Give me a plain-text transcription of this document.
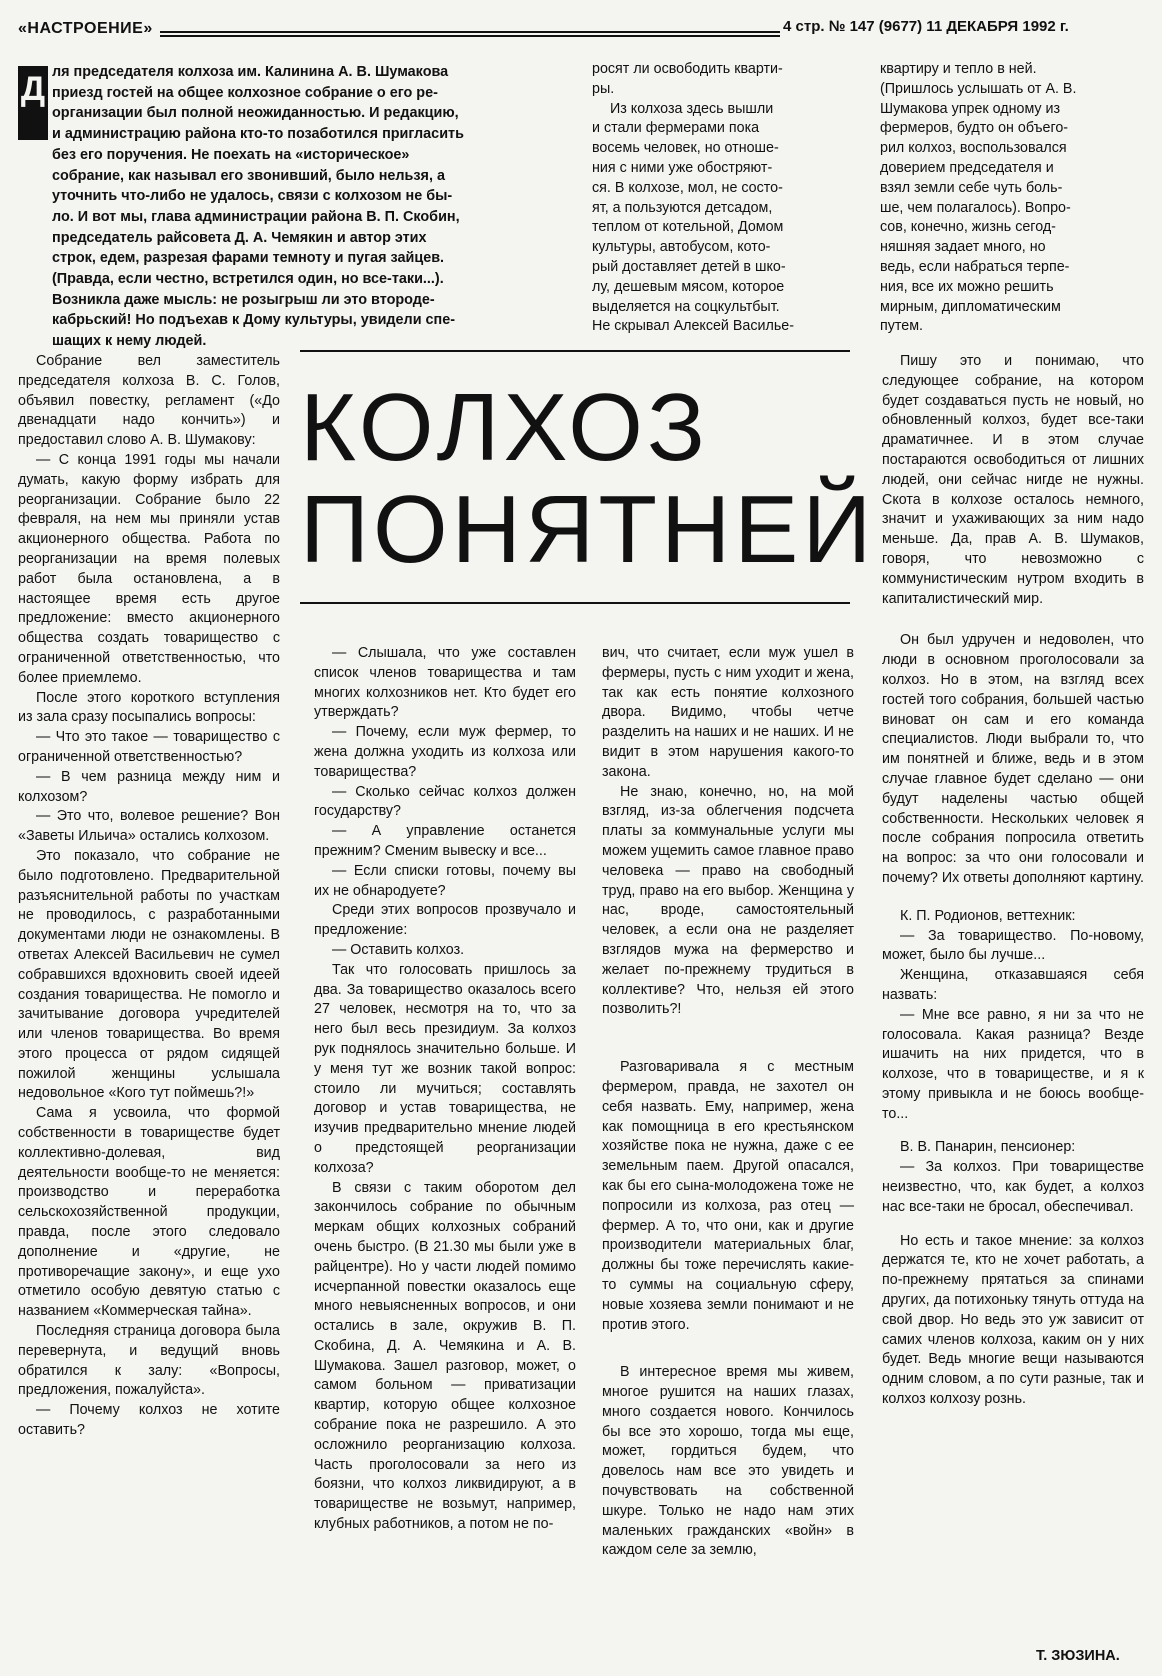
«НАСТРОЕНИЕ»	4 стр. № 147 (9677) 11 ДЕКАБРЯ 1992 г.
Д ля председателя колхоза им. Калинина А. В. Шумакова
приезд гостей на общее колхозное собрание о его ре-
организации был полной неожиданностью. И редакцию,
и администрацию района кто-то позаботился пригласить
без его поручения. Не поехать на «историческое»
собрание, как называл его звонивший, было нельзя, а
уточнить что-либо не удалось, связи с колхозом не бы-
ло. И вот мы, глава администрации района В. П. Скобин,
председатель райсовета Д. А. Чемякин и автор этих
строк, едем, разрезая фарами темноту и пугая зайцев.
(Правда, если честно, встретился один, но все-таки...).
Возникла даже мысль: не розыгрыш ли это второде-
кабрьский! Но подъехав к Дому культуры, увидели спе-
шащих к нему людей.
росят ли освободить кварти-
ры.
Из колхоза здесь вышли
и стали фермерами пока
восемь человек, но отноше-
ния с ними уже обостряют-
ся. В колхозе, мол, не состо-
ят, а пользуются детсадом,
теплом от котельной, Домом
культуры, автобусом, кото-
рый доставляет детей в шко-
лу, дешевым мясом, которое
выделяется на соцкультбыт.
Не скрывал Алексей Василье-
квартиру и тепло в ней.
(Пришлось услышать от А. В.
Шумакова упрек одному из
фермеров, будто он объего-
рил колхоз, воспользовался
доверием председателя и
взял земли себе чуть боль-
ше, чем полагалось). Вопро-
сов, конечно, жизнь сегод-
няшняя задает много, но
ведь, если набраться терпе-
ния, все их можно решить
мирным, дипломатическим
путем.
КОЛХОЗ
ПОНЯТНЕЙ

Собрание вел заместитель председателя колхоза В. С. Голов, объявил повестку, регламент («До двенадцати надо кончить») и предоставил слово А. В. Шумакову:

— С конца 1991 годы мы начали думать, какую форму избрать для реорганизации. Собрание было 22 февраля, на нем мы приняли устав акционерного общества. Работа по реорганизации на время полевых работ была остановлена, а в настоящее время есть другое предложение: вместо акционерного общества создать товарищество с ограниченной ответственностью, что более приемлемо.

После этого короткого вступления из зала сразу посыпались вопросы:

— Что это такое — товарищество с ограниченной ответственностью?

— В чем разница между ним и колхозом?

— Это что, волевое решение? Вон «Заветы Ильича» остались колхозом.

Это показало, что собрание не было подготовлено. Предварительной разъяснительной работы по участкам не проводилось, с разработанными документами люди не ознакомлены. В ответах Алексей Васильевич не сумел собравшихся вдохновить своей идеей создания товарищества. Не помогло и зачитывание договора учредителей или членов товарищества. Во время этого процесса от рядом сидящей пожилой женщины услышала недовольное «Кого тут поймешь?!»

Сама я усвоила, что формой собственности в товариществе будет коллективно-долевая, вид деятельности вообще-то не меняется: производство и переработка сельскохозяйственной продукции, правда, после этого следовало дополнение и «другие, не противоречащие закону», и еще уxo отметило особую девятую статью с названием «Коммерческая тайна».

Последняя страница договора была перевернута, и ведущий вновь обратился к залу: «Вопросы, предложения, пожалуйста».

— Почему колхоз не хотите оставить?

— Слышала, что уже составлен список членов товарищества и там многих колхозников нет. Кто будет его утверждать?

— Почему, если муж фермер, то жена должна уходить из колхоза или товарищества?

— Сколько сейчас колхоз должен государству?

— А управление останется прежним? Сменим вывеску и все...

— Если списки готовы, почему вы их не обнародуете?

Среди этих вопросов прозвучало и предложение:

— Оставить колхоз.

Так что голосовать пришлось за два. За товарищество оказалось всего 27 человек, несмотря на то, что за него был весь президиум. За колхоз рук поднялось значительно больше. И у меня тут же возник такой вопрос: стоило ли мучиться; составлять договор и устав товарищества, не изучив предварительно мнение людей о предстоящей реорганизации колхоза?

В связи с таким оборотом дел закончилось собрание по обычным меркам общих колхозных собраний очень быстро. (В 21.30 мы были уже в райцентре). Но у части людей помимо исчерпанной повестки оказалось еще много невыясненных вопросов, и они остались в зале, окружив В. П. Скобина, Д. А. Чемякина и А. В. Шумакова. Зашел разговор, может, о самом больном — приватизации квартир, которую общее колхозное собрание пока не разрешило. А это осложнило реорганизацию колхоза. Часть проголосовали за него из боязни, что колхоз ликвидируют, а в товариществе не возьмут, например, клубных работников, а потом не по-

вич, что считает, если муж ушел в фермеры, пусть с ним уходит и жена, так как есть понятие колхозного двора. Видимо, чтобы четче разделить на наших и не наших. И не видит в этом нарушения какого-то закона.

Не знаю, конечно, но, на мой взгляд, из-за облегчения подсчета платы за коммунальные услуги мы можем ущемить самое главное право человека — право на свободный труд, право на его выбор. Женщина у нас, вроде, самостоятельный человек, а если она не разделяет взглядов мужа на фермерство и желает по-прежнему трудиться в коллективе? Что, нельзя ей этого позволить?!

Разговаривала я с местным фермером, правда, не захотел он себя назвать. Ему, например, жена как помощница в его крестьянском хозяйстве пока не нужна, даже с ее земельным паем. Другой опасался, как бы его сына-молодожена тоже не попросили из колхоза, раз отец — фермер. А то, что они, как и другие производители материальных благ, должны бы тоже перечислять какие-то суммы на социальную сферу, новые хозяева земли понимают и не против этого.

В интересное время мы живем, многое рушится на наших глазах, много создается нового. Кончилось бы все это хорошо, тогда мы еще, может, гордиться будем, что довелось нам все это увидеть и почувствовать на собственной шкуре. Только не надо нам этих маленьких гражданских «войн» в каждом селе за землю,

Пишу это и понимаю, что следующее собрание, на котором будет создаваться пусть не новый, но обновленный колхоз, будет все-таки драматичнее. И в этом случае постараются освободиться от лишних людей, они сейчас нигде не нужны. Скота в колхозе осталось немного, значит и ухаживающих за ним надо меньше. Да, прав А. В. Шумаков, говоря, что невозможно с коммунистическим нутром входить в капиталистический мир.

Он был удручен и недоволен, что люди в основном проголосовали за колхоз. Но в этом, на взгляд всех гостей того собрания, большей частью виноват он сам и его команда специалистов. Люди выбрали то, что им понятней и ближе, ведь и в этом случае главное будет сделано — они будут наделены частью общей собственности. Нескольких человек я после собрания попросила ответить на вопрос: за что они голосовали и почему? Их ответы дополняют картину.

К. П. Родионов, веттехник:

— За товарищество. По-новому, может, было бы лучше...

Женщина, отказавшаяся себя назвать:

— Мне все равно, я ни за что не голосовала. Какая разница? Везде ишачить на них придется, что в колхозе, что в товариществе, и я к этому привыкла и не боюсь вообще-то...

В. В. Панарин, пенсионер:

— За колхоз. При товариществе неизвестно, что, как будет, а колхоз нас все-таки не бросал, обеспечивал.

Но есть и такое мнение: за колхоз держатся те, кто не хочет работать, а по-прежнему прятаться за спинами других, да потихоньку тянуть оттуда на свой двор. Но ведь это уж зависит от самих членов колхоза, каким он у них будет. Ведь многие вещи называются одним словом, а по сути разные, так и колхоз колхозу рознь.

Т. ЗЮЗИНА.
